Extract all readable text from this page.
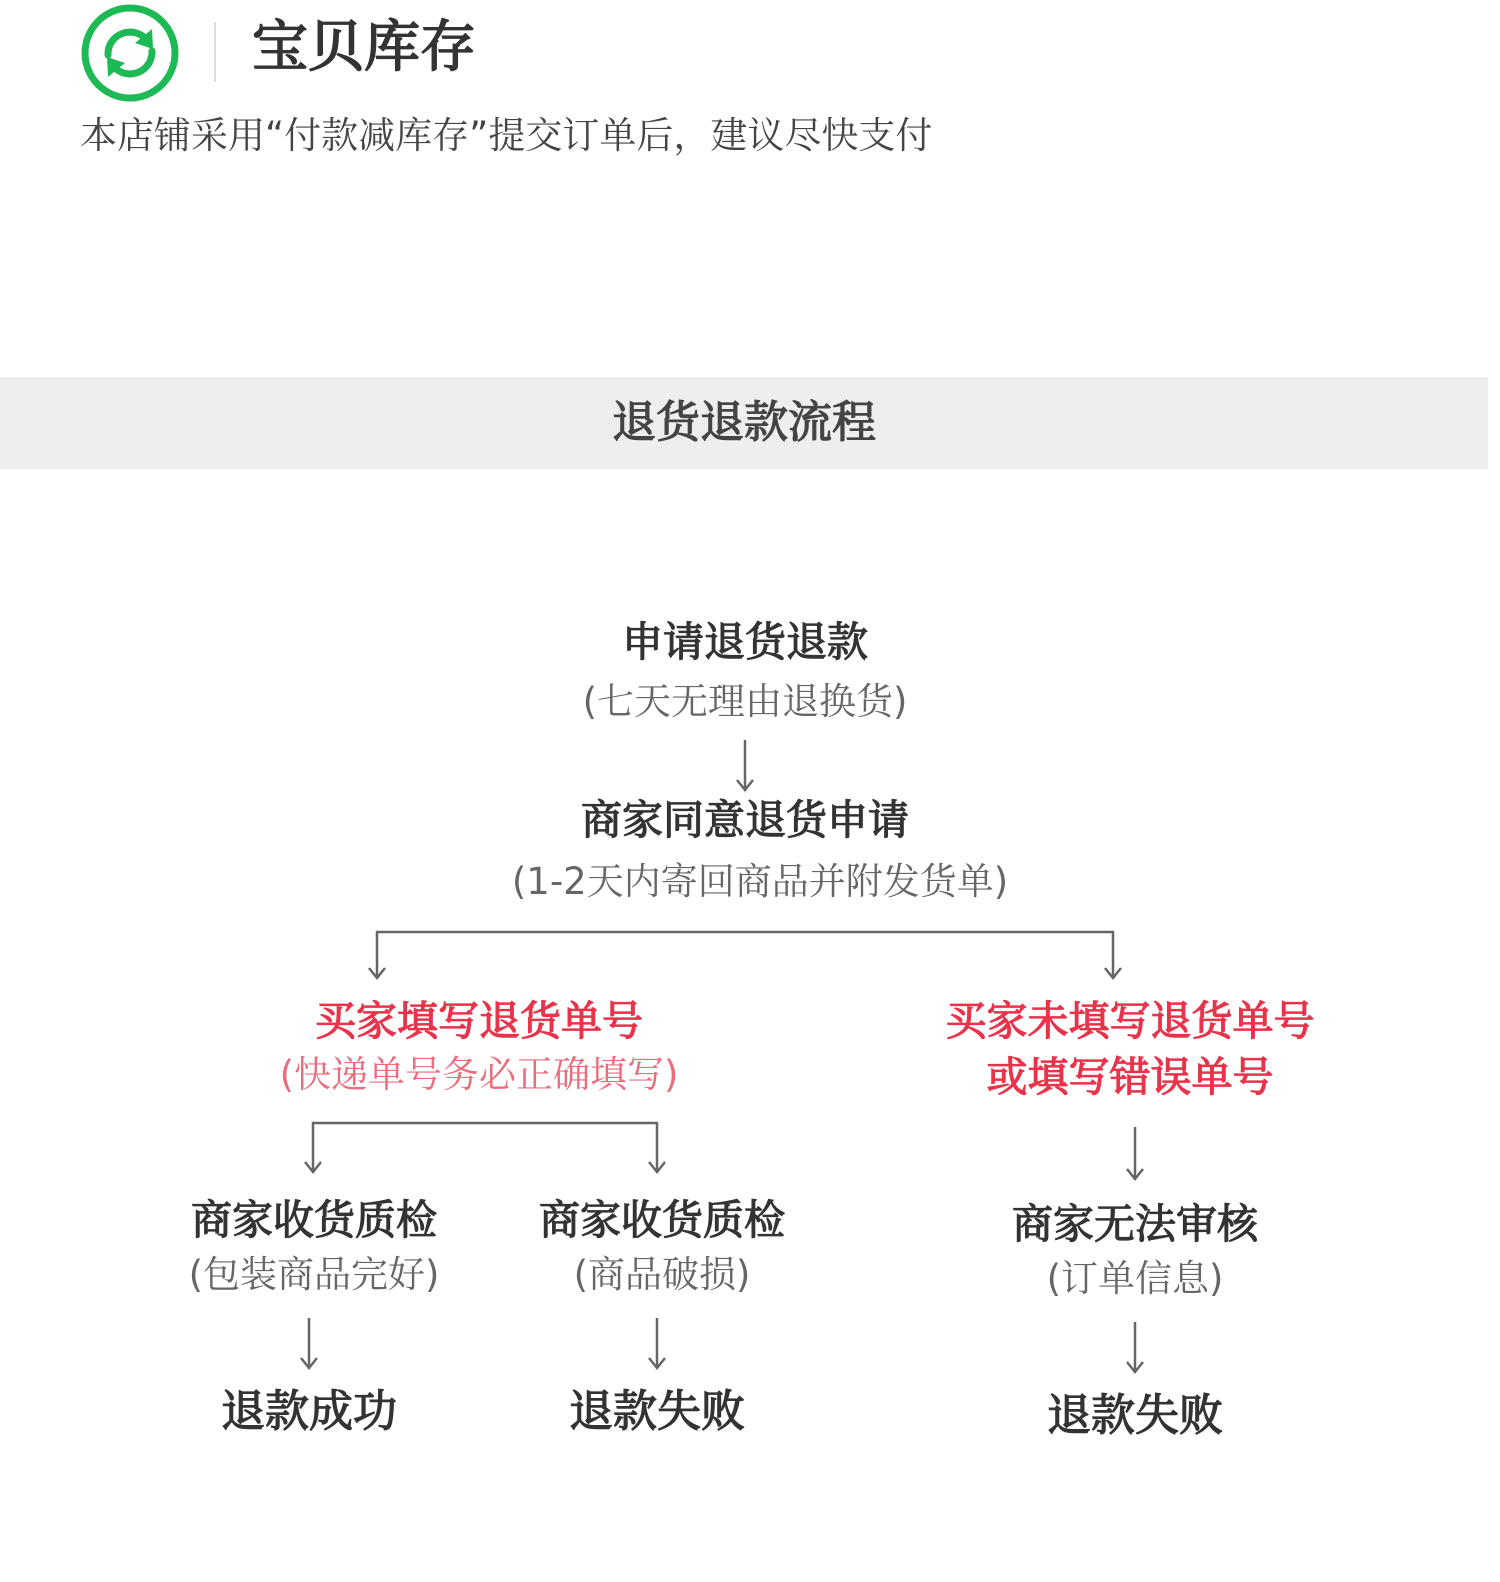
宝贝库存
本店铺采用“付款减库存”提交订单后，建议尽快支付
退货退款流程
申请退货退款
(七天无理由退换货)
商家同意退货申请
(1-2天内寄回商品并附发货单)
买家填写退货单号
(快递单号务必正确填写)
买家未填写退货单号
或填写错误单号
商家收货质检
(包装商品完好)
商家收货质检
(商品破损)
商家无法审核
(订单信息)
退款成功	退款失败	退款失败
